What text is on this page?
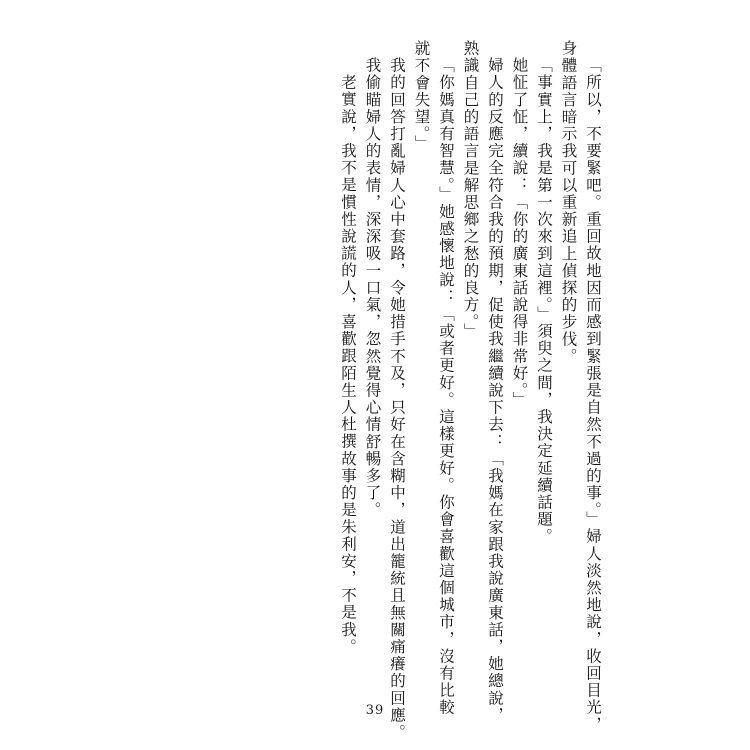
「所以，不要緊吧。重回故地因而感到緊張是自然不過的事。」婦人淡然地說，收回目光，
身體語言暗示我可以重新追上偵探的步伐。
「事實上，我是第一次來到這裡。」須臾之間，我決定延續話題。
她怔了怔，續說：「你的廣東話說得非常好。」
婦人的反應完全符合我的預期，促使我繼續說下去：「我媽在家跟我說廣東話，她總說，
熟識自己的語言是解思鄉之愁的良方。」
「你媽真有智慧。」她感懷地說：「或者更好。這樣更好。你會喜歡這個城市，沒有比較
就不會失望。」
我的回答打亂婦人心中套路，令她措手不及，只好在含糊中，道出籠統且無關痛癢的回應。
我偷瞄婦人的表情，深深吸一口氣，忽然覺得心情舒暢多了。
老實說，我不是慣性說謊的人，喜歡跟陌生人杜撰故事的是朱利安，不是我。
39
